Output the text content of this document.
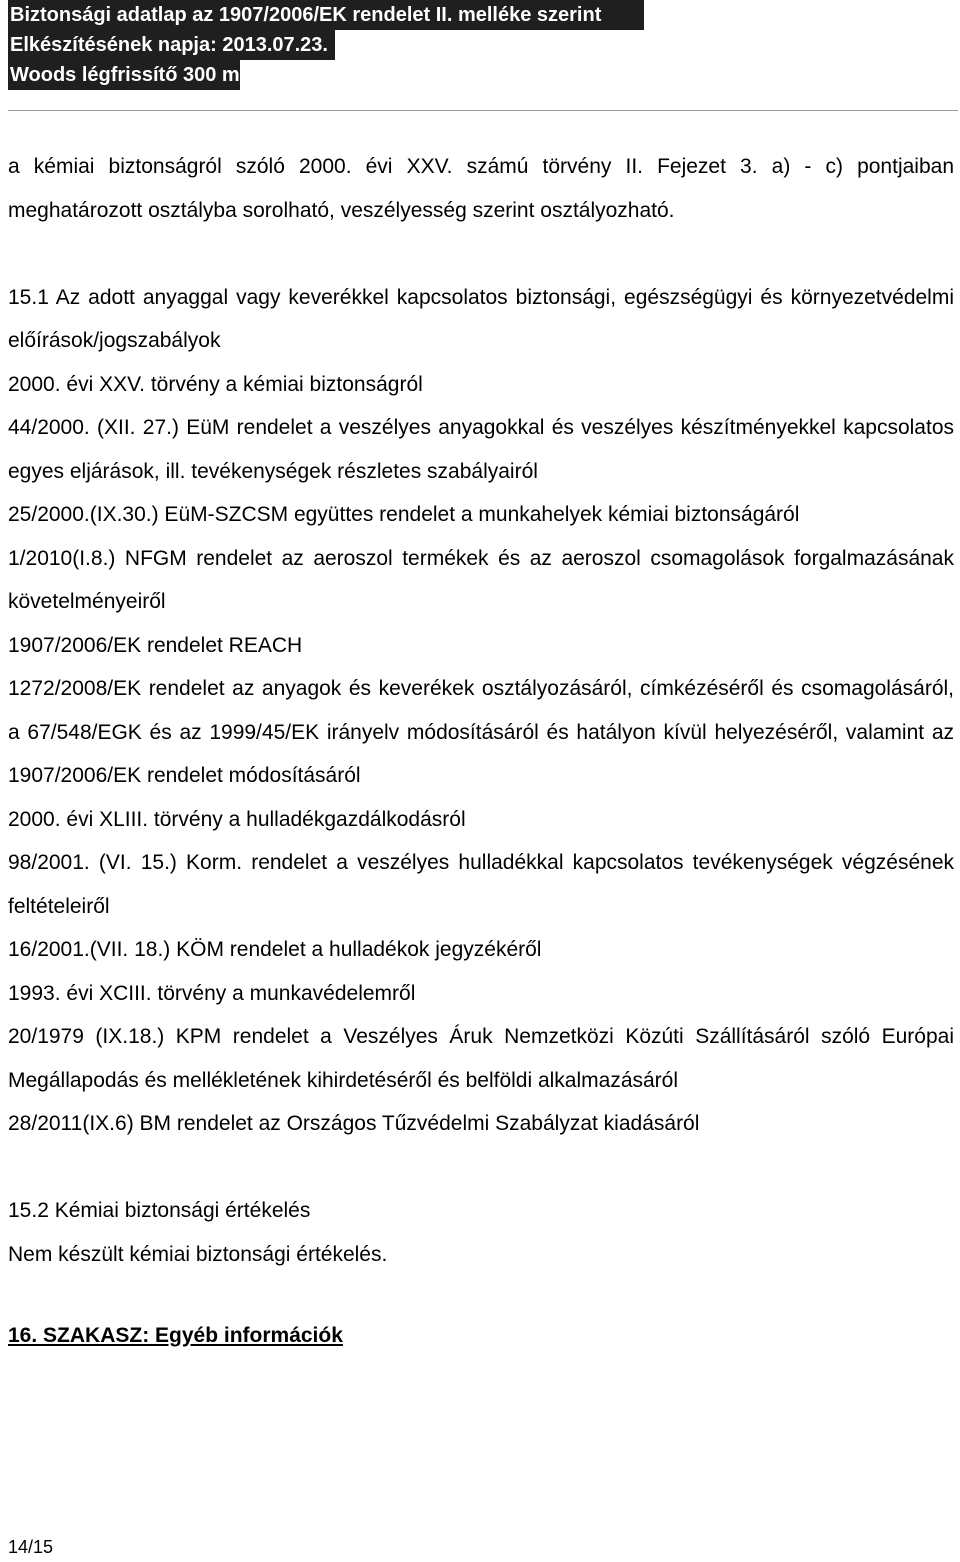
Biztonsági adatlap az 1907/2006/EK rendelet II. melléke szerint
Elkészítésének napja: 2013.07.23.
Woods légfrissítő 300 ml

a kémiai biztonságról szóló 2000. évi XXV. számú törvény II. Fejezet 3. a) - c) pontjaiban meghatározott osztályba sorolható, veszélyesség szerint osztályozható.

15.1 Az adott anyaggal vagy keverékkel kapcsolatos biztonsági, egészségügyi és környezetvédelmi előírások/jogszabályok

2000. évi XXV. törvény a kémiai biztonságról

44/2000. (XII. 27.) EüM rendelet a veszélyes anyagokkal és veszélyes készítményekkel kapcsolatos egyes eljárások, ill. tevékenységek részletes szabályairól

25/2000.(IX.30.) EüM-SZCSM együttes rendelet a munkahelyek kémiai biztonságáról

1/2010(I.8.) NFGM rendelet az aeroszol termékek és az aeroszol csomagolások forgalmazásának követelményeiről

1907/2006/EK rendelet REACH

1272/2008/EK rendelet az anyagok és keverékek osztályozásáról, címkézéséről és csomagolásáról, a 67/548/EGK és az 1999/45/EK irányelv módosításáról és hatályon kívül helyezéséről, valamint az 1907/2006/EK rendelet módosításáról

2000. évi XLIII. törvény a hulladékgazdálkodásról

98/2001. (VI. 15.) Korm. rendelet a veszélyes hulladékkal kapcsolatos tevékenységek végzésének feltételeiről

16/2001.(VII. 18.) KÖM rendelet a hulladékok jegyzékéről

1993. évi XCIII. törvény a munkavédelemről

20/1979 (IX.18.) KPM rendelet a Veszélyes Áruk Nemzetközi Közúti Szállításáról szóló Európai Megállapodás és mellékletének kihirdetéséről és belföldi alkalmazásáról

28/2011(IX.6) BM rendelet az Országos Tűzvédelmi Szabályzat kiadásáról

15.2 Kémiai biztonsági értékelés

Nem készült kémiai biztonsági értékelés.

16. SZAKASZ: Egyéb információk

14/15
